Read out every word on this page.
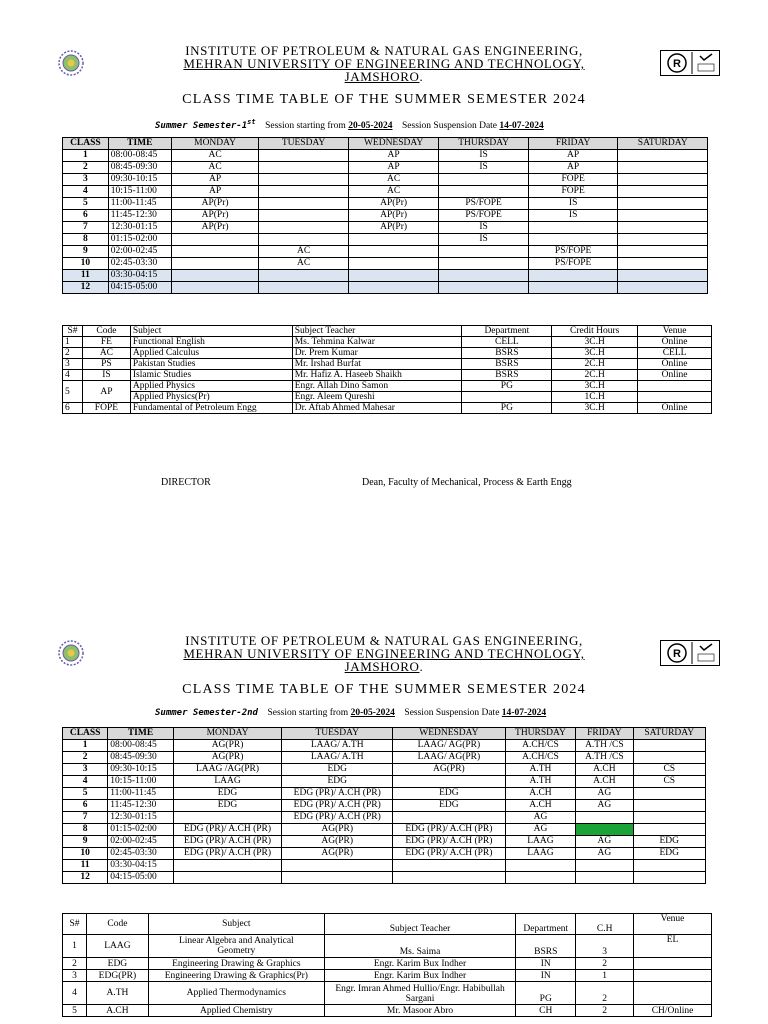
INSTITUTE OF PETROLEUM & NATURAL GAS ENGINEERING,
MEHRAN UNIVERSITY OF ENGINEERING AND TECHNOLOGY,
JAMSHORO.
R
CLASS TIME TABLE OF THE SUMMER SEMESTER 2024
Summer Semester-1st Session starting from 20-05-2024 Session Suspension Date 14-07-2024
CLASS	TIME	MONDAY	TUESDAY	WEDNESDAY	THURSDAY	FRIDAY	SATURDAY
1	08:00-08:45	AC		AP	IS	AP	
2	08:45-09:30	AC		AP	IS	AP	
3	09:30-10:15	AP		AC		FOPE	
4	10:15-11:00	AP		AC		FOPE	
5	11:00-11:45	AP(Pr)		AP(Pr)	PS/FOPE	IS	
6	11:45-12:30	AP(Pr)		AP(Pr)	PS/FOPE	IS	
7	12:30-01:15	AP(Pr)		AP(Pr)	IS		
8	01:15-02:00				IS		
9	02:00-02:45		AC			PS/FOPE	
10	02:45-03:30		AC			PS/FOPE	
11	03:30-04:15						
12	04:15-05:00						
S#	Code	Subject	Subject Teacher	Department	Credit Hours	Venue
1	FE	Functional English	Ms. Tehmina Kalwar	CELL	3C.H	Online
2	AC	Applied Calculus	Dr. Prem Kumar	BSRS	3C.H	CELL
3	PS	Pakistan Studies	Mr. Irshad Burfat	BSRS	2C.H	Online
4	IS	Islamic Studies	Mr. Hafiz A. Haseeb Shaikh	BSRS	2C.H	Online
5	AP	Applied Physics	Engr. Allah Dino Samon	PG	3C.H	
		Applied Physics(Pr)	Engr. Aleem Qureshi		1C.H	
6	FOPE	Fundamental of Petroleum Engg	Dr. Aftab Ahmed Mahesar	PG	3C.H	Online
DIRECTOR	Dean, Faculty of Mechanical, Process & Earth Engg
INSTITUTE OF PETROLEUM & NATURAL GAS ENGINEERING,
MEHRAN UNIVERSITY OF ENGINEERING AND TECHNOLOGY,
JAMSHORO.
R
CLASS TIME TABLE OF THE SUMMER SEMESTER 2024
Summer Semester-2nd Session starting from 20-05-2024 Session Suspension Date 14-07-2024
CLASS	TIME	MONDAY	TUESDAY	WEDNESDAY	THURSDAY	FRIDAY	SATURDAY
1	08:00-08:45	AG(PR)	LAAG/ A.TH	LAAG/ AG(PR)	A.CH/CS	A.TH /CS	
2	08:45-09:30	AG(PR)	LAAG/ A.TH	LAAG/ AG(PR)	A.CH/CS	A.TH /CS	
3	09:30-10:15	LAAG /AG(PR)	EDG	AG(PR)	A.TH	A.CH	CS
4	10:15-11:00	LAAG	EDG		A.TH	A.CH	CS
5	11:00-11:45	EDG	EDG (PR)/ A.CH (PR)	EDG	A.CH	AG	
6	11:45-12:30	EDG	EDG (PR)/ A.CH (PR)	EDG	A.CH	AG	
7	12:30-01:15		EDG (PR)/ A.CH (PR)		AG		
8	01:15-02:00	EDG (PR)/ A.CH (PR)	AG(PR)	EDG (PR)/ A.CH (PR)	AG		
9	02:00-02:45	EDG (PR)/ A.CH (PR)	AG(PR)	EDG (PR)/ A.CH (PR)	LAAG	AG	EDG
10	02:45-03:30	EDG (PR)/ A.CH (PR)	AG(PR)	EDG (PR)/ A.CH (PR)	LAAG	AG	EDG
11	03:30-04:15						
12	04:15-05:00						
S#	Code	Subject	Subject Teacher	Department	C.H	Venue
1	LAAG	Linear Algebra and Analytical
Geometry	Ms. Saima	BSRS	3	EL
2	EDG	Engineering Drawing & Graphics	Engr. Karim Bux Indher	IN	2	
3	EDG(PR)	Engineering Drawing & Graphics(Pr)	Engr. Karim Bux Indher	IN	1	
4	A.TH	Applied Thermodynamics	Engr. Imran Ahmed Hullio/Engr. Habibullah Sargani	PG	2	
5	A.CH	Applied Chemistry	Mr. Masoor Abro	CH	2	CH/Online
